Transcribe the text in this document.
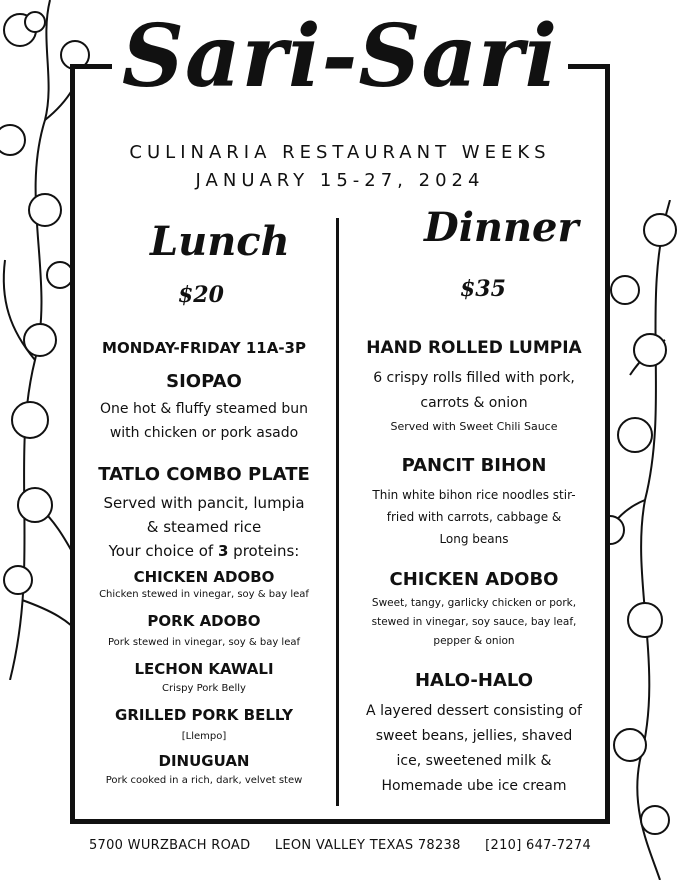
Sari-Sari
CULINARIA RESTAURANT WEEKS
JANUARY 15-27, 2024
Lunch
$20
MONDAY-FRIDAY 11A-3P
SIOPAO
One hot & fluffy steamed bun
with chicken or pork asado
TATLO COMBO PLATE
Served with pancit, lumpia
& steamed rice
Your choice of 3 proteins:
CHICKEN ADOBO
Chicken stewed in vinegar, soy & bay leaf
PORK ADOBO
Pork stewed in vinegar, soy & bay leaf
LECHON KAWALI
Crispy Pork Belly
GRILLED PORK BELLY
[Llempo]
DINUGUAN
Pork cooked in a rich, dark, velvet stew
Dinner
$35
HAND ROLLED LUMPIA
6 crispy rolls filled with pork,
carrots & onion
Served with Sweet Chili Sauce
PANCIT BIHON
Thin white bihon rice noodles stir-
fried with carrots, cabbage &
Long beans
CHICKEN ADOBO
Sweet, tangy, garlicky chicken or pork,
stewed in vinegar, soy sauce, bay leaf,
pepper & onion
HALO-HALO
A layered dessert consisting of
sweet beans, jellies, shaved
ice, sweetened milk &
Homemade ube ice cream
5700 WURZBACH ROAD LEON VALLEY TEXAS 78238 [210] 647-7274
